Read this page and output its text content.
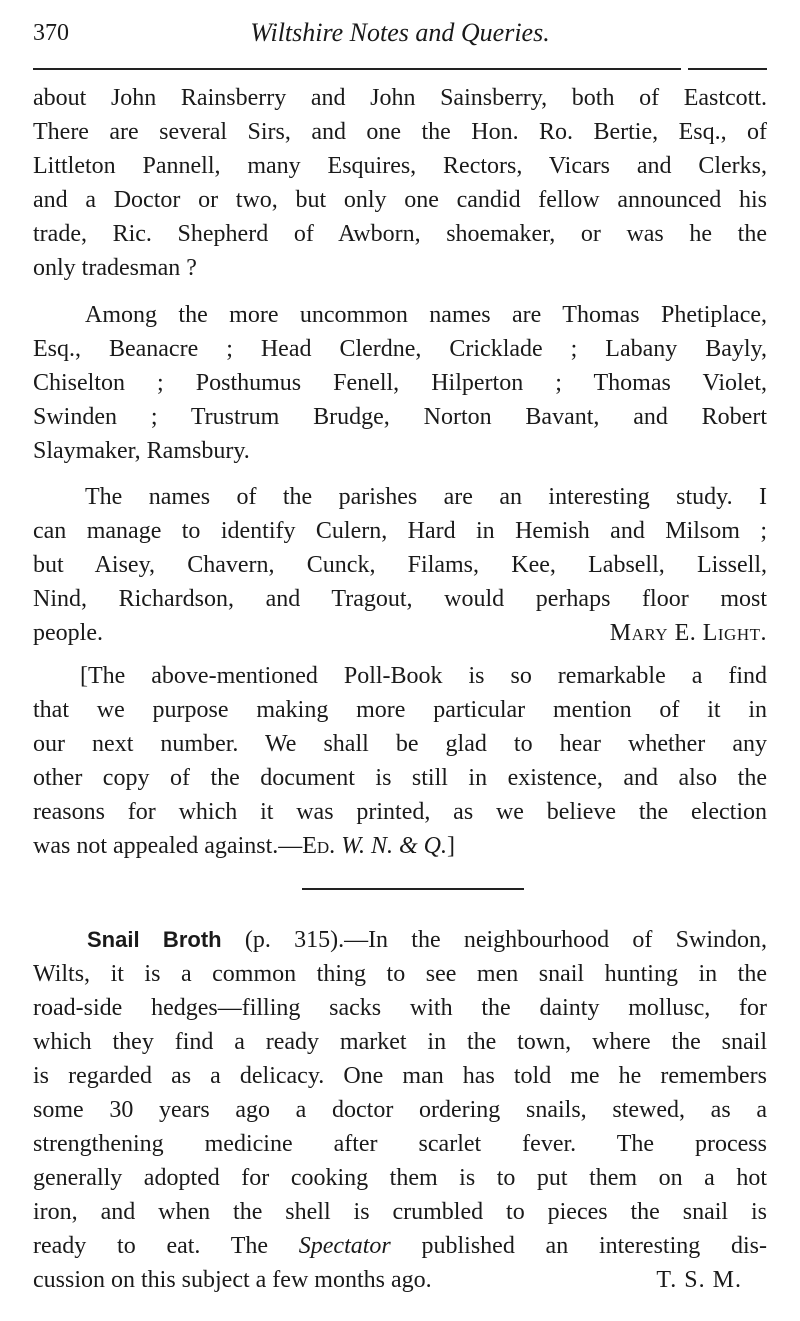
370	Wiltshire Notes and Queries.
about John Rainsberry and John Sainsberry, both of Eastcott.
There are several Sirs, and one the Hon. Ro. Bertie, Esq., of
Littleton Pannell, many Esquires, Rectors, Vicars and Clerks,
and a Doctor or two, but only one candid fellow announced his
trade, Ric. Shepherd of Awborn, shoemaker, or was he the
only tradesman ?
Among the more uncommon names are Thomas Phetiplace,
Esq., Beanacre ; Head Clerdne, Cricklade ; Labany Bayly,
Chiselton ; Posthumus Fenell, Hilperton ; Thomas Violet,
Swinden ; Trustrum Brudge, Norton Bavant, and Robert
Slaymaker, Ramsbury.
The names of the parishes are an interesting study. I
can manage to identify Culern, Hard in Hemish and Milsom ;
but Aisey, Chavern, Cunck, Filams, Kee, Labsell, Lissell,
Nind, Richardson, and Tragout, would perhaps floor most
people.	Mary E. Light.
[The above-mentioned Poll-Book is so remarkable a find
that we purpose making more particular mention of it in
our next number. We shall be glad to hear whether any
other copy of the document is still in existence, and also the
reasons for which it was printed, as we believe the election
was not appealed against.—Ed. W. N. & Q.]
Snail Broth (p. 315).—In the neighbourhood of Swindon,
Wilts, it is a common thing to see men snail hunting in the
road-side hedges—filling sacks with the dainty mollusc, for
which they find a ready market in the town, where the snail
is regarded as a delicacy. One man has told me he remembers
some 30 years ago a doctor ordering snails, stewed, as a
strengthening medicine after scarlet fever. The process
generally adopted for cooking them is to put them on a hot
iron, and when the shell is crumbled to pieces the snail is
ready to eat. The Spectator published an interesting dis-
cussion on this subject a few months ago.	T. S. M.
